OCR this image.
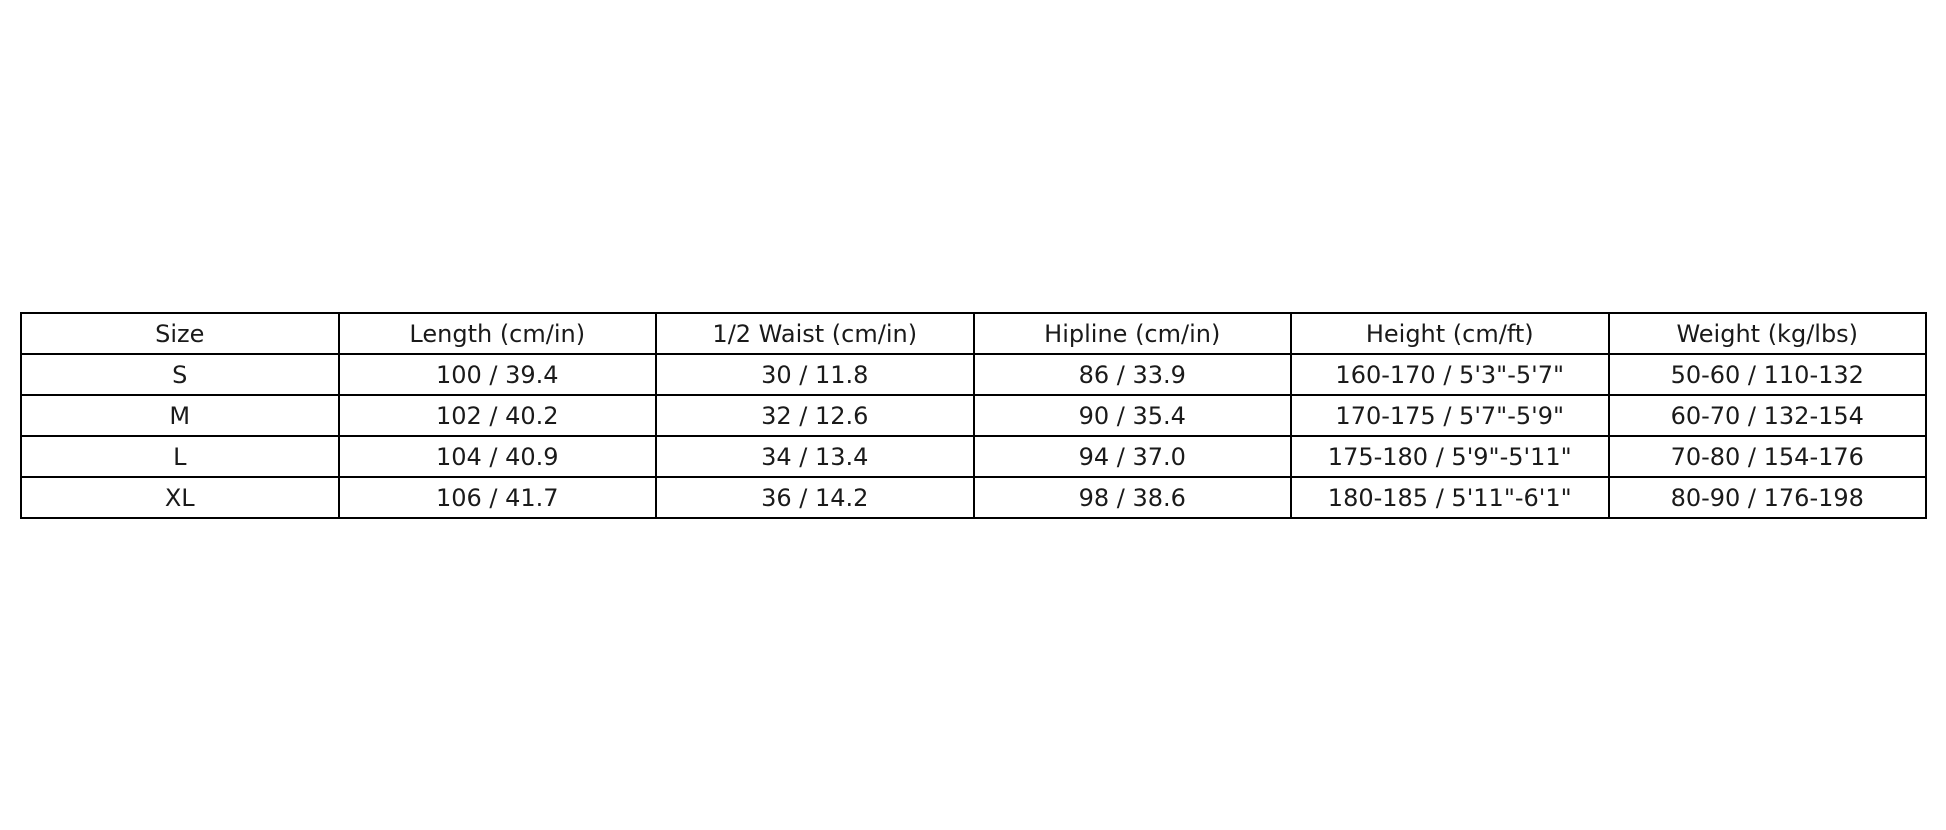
Size	Length (cm/in)	1/2 Waist (cm/in)	Hipline (cm/in)	Height (cm/ft)	Weight (kg/lbs)
S	100 / 39.4	30 / 11.8	86 / 33.9	160-170 / 5'3"-5'7"	50-60 / 110-132
M	102 / 40.2	32 / 12.6	90 / 35.4	170-175 / 5'7"-5'9"	60-70 / 132-154
L	104 / 40.9	34 / 13.4	94 / 37.0	175-180 / 5'9"-5'11"	70-80 / 154-176
XL	106 / 41.7	36 / 14.2	98 / 38.6	180-185 / 5'11"-6'1"	80-90 / 176-198
